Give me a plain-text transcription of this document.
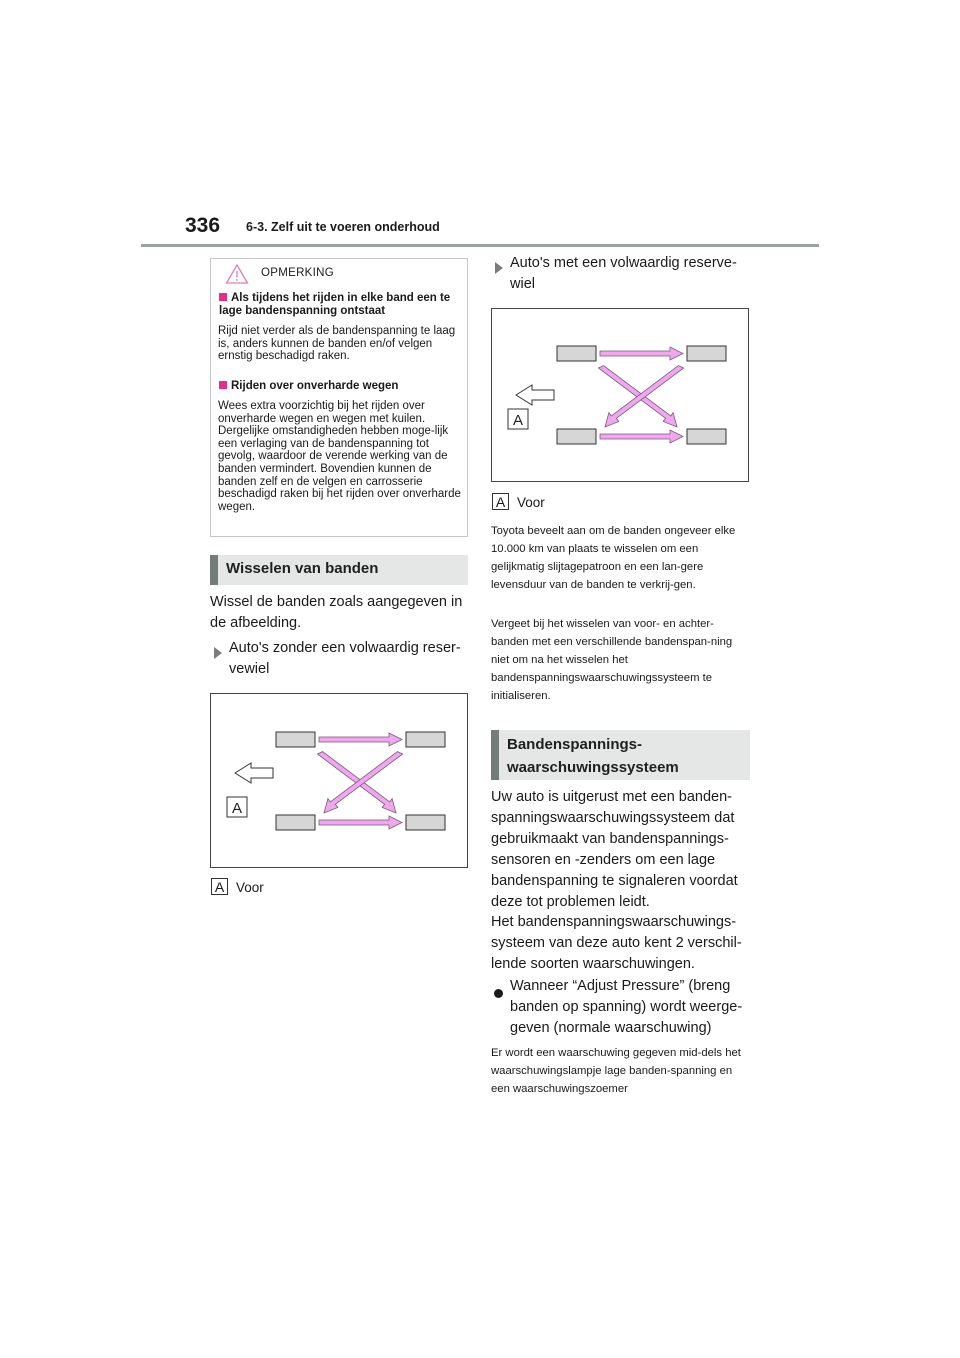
336 6-3. Zelf uit te voeren onderhoud
OPMERKING
Als tijdens het rijden in elke band een te lage bandenspanning ontstaat
Rijd niet verder als de bandenspanning te laag is, anders kunnen de banden en/of velgen ernstig beschadigd raken.
Rijden over onverharde wegen
Wees extra voorzichtig bij het rijden over onverharde wegen en wegen met kuilen. Dergelijke omstandigheden hebben moge-lijk een verlaging van de bandenspanning tot gevolg, waardoor de verende werking van de banden vermindert. Bovendien kunnen de banden zelf en de velgen en carrosserie beschadigd raken bij het rijden over onverharde wegen.
Wisselen van banden
Wissel de banden zoals aangegeven in de afbeelding.
Auto's zonder een volwaardig reser-vewiel
A
A Voor
Auto's met een volwaardig reserve-wiel
A
A Voor
Toyota beveelt aan om de banden ongeveer elke 10.000 km van plaats te wisselen om een gelijkmatig slijtagepatroon en een lan-gere levensduur van de banden te verkrij-gen.
Vergeet bij het wisselen van voor- en achter-banden met een verschillende bandenspan-ning niet om na het wisselen het bandenspanningswaarschuwingssysteem te initialiseren.
Bandenspannings-
waarschuwingssysteem
Uw auto is uitgerust met een banden-spanningswaarschuwingssysteem dat gebruikmaakt van bandenspannings-sensoren en -zenders om een lage bandenspanning te signaleren voordat deze tot problemen leidt.
Het bandenspanningswaarschuwings-systeem van deze auto kent 2 verschil-lende soorten waarschuwingen.
Wanneer “Adjust Pressure” (breng banden op spanning) wordt weerge-geven (normale waarschuwing)
Er wordt een waarschuwing gegeven mid-dels het waarschuwingslampje lage banden-spanning en een waarschuwingszoemer
